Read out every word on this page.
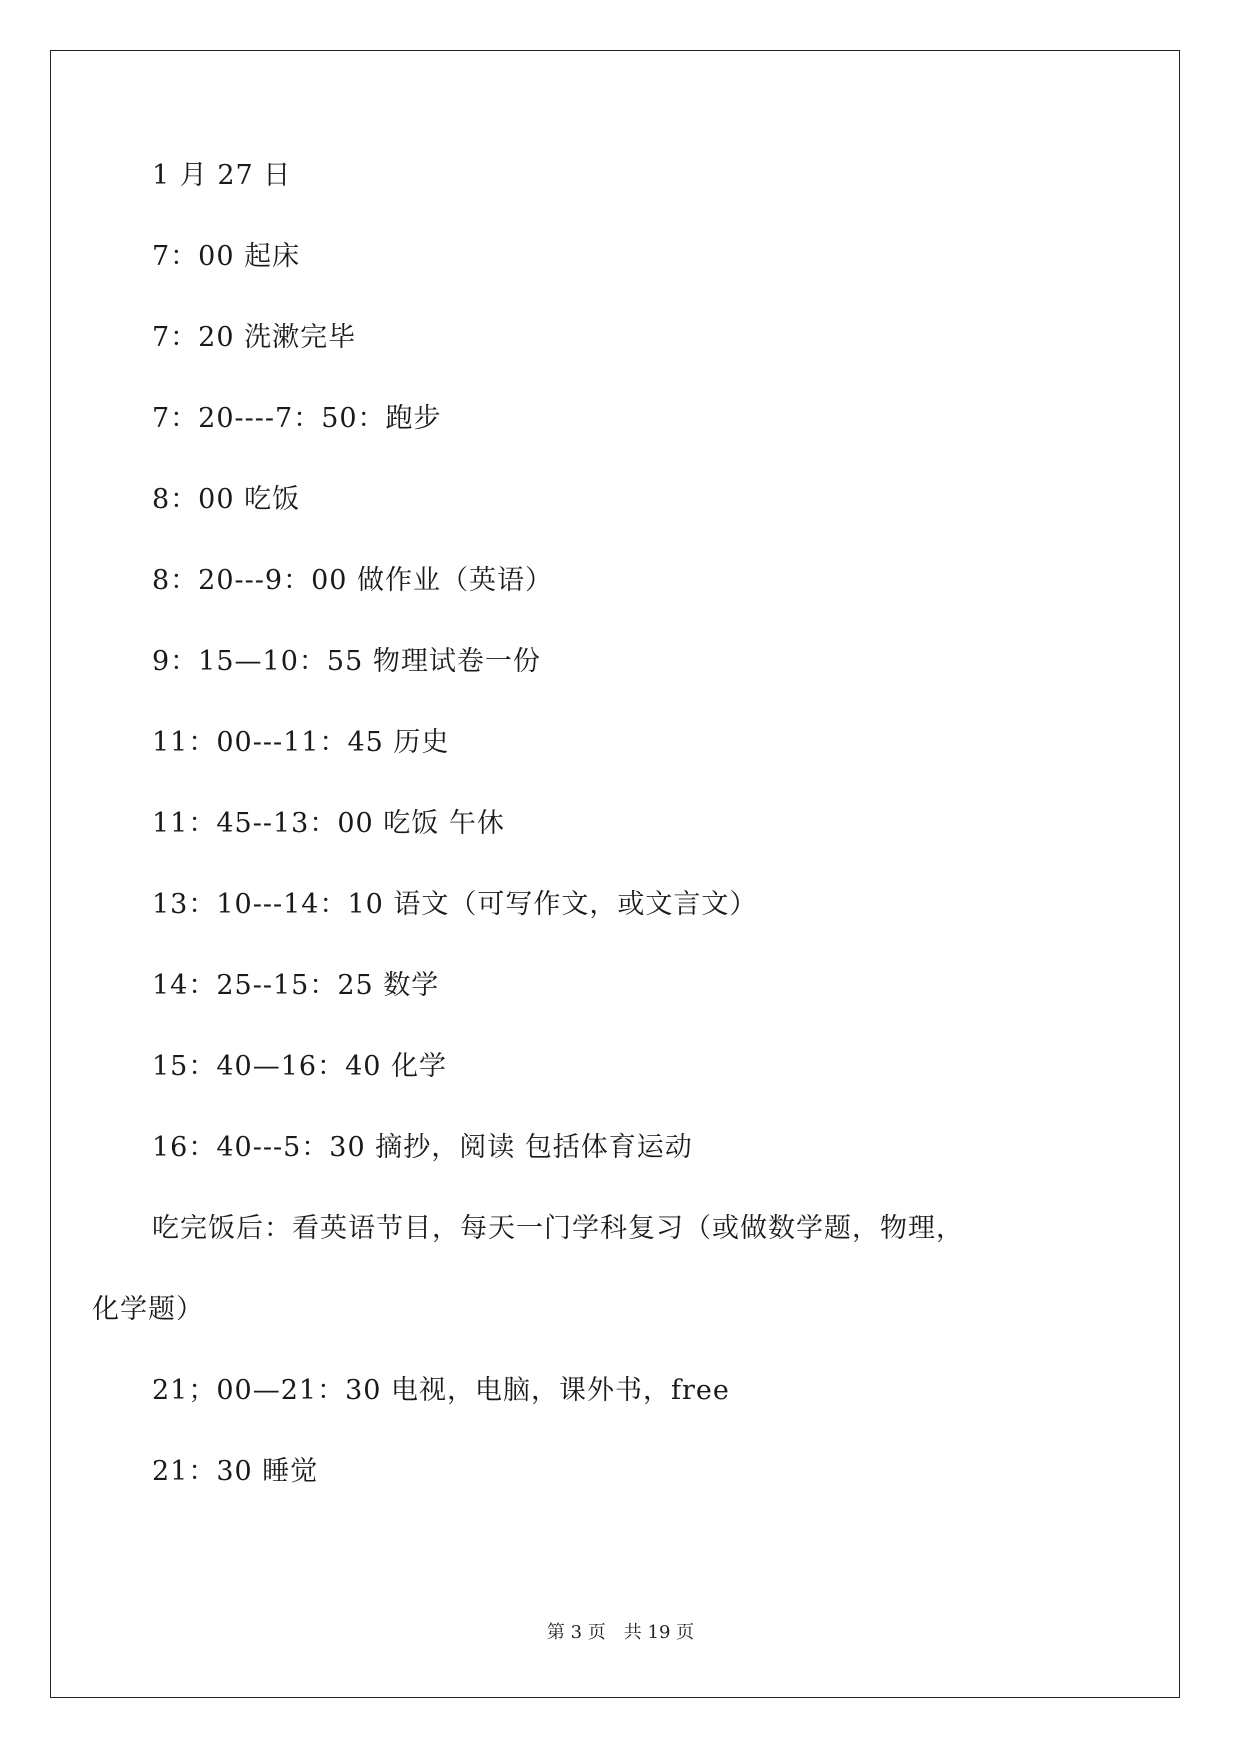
1 月 27 日
7：00 起床
7：20 洗漱完毕
7：20----7：50：跑步
8：00 吃饭
8：20---9：00 做作业（英语）
9：15—10：55 物理试卷一份
11：00---11：45 历史
11：45--13：00 吃饭 午休
13：10---14：10 语文（可写作文，或文言文）
14：25--15：25 数学
15：40—16：40 化学
16：40---5：30 摘抄，阅读 包括体育运动
吃完饭后：看英语节目，每天一门学科复习（或做数学题，物理，
化学题）
21；00—21：30 电视，电脑，课外书，free
21：30 睡觉
第 3 页　共 19 页
